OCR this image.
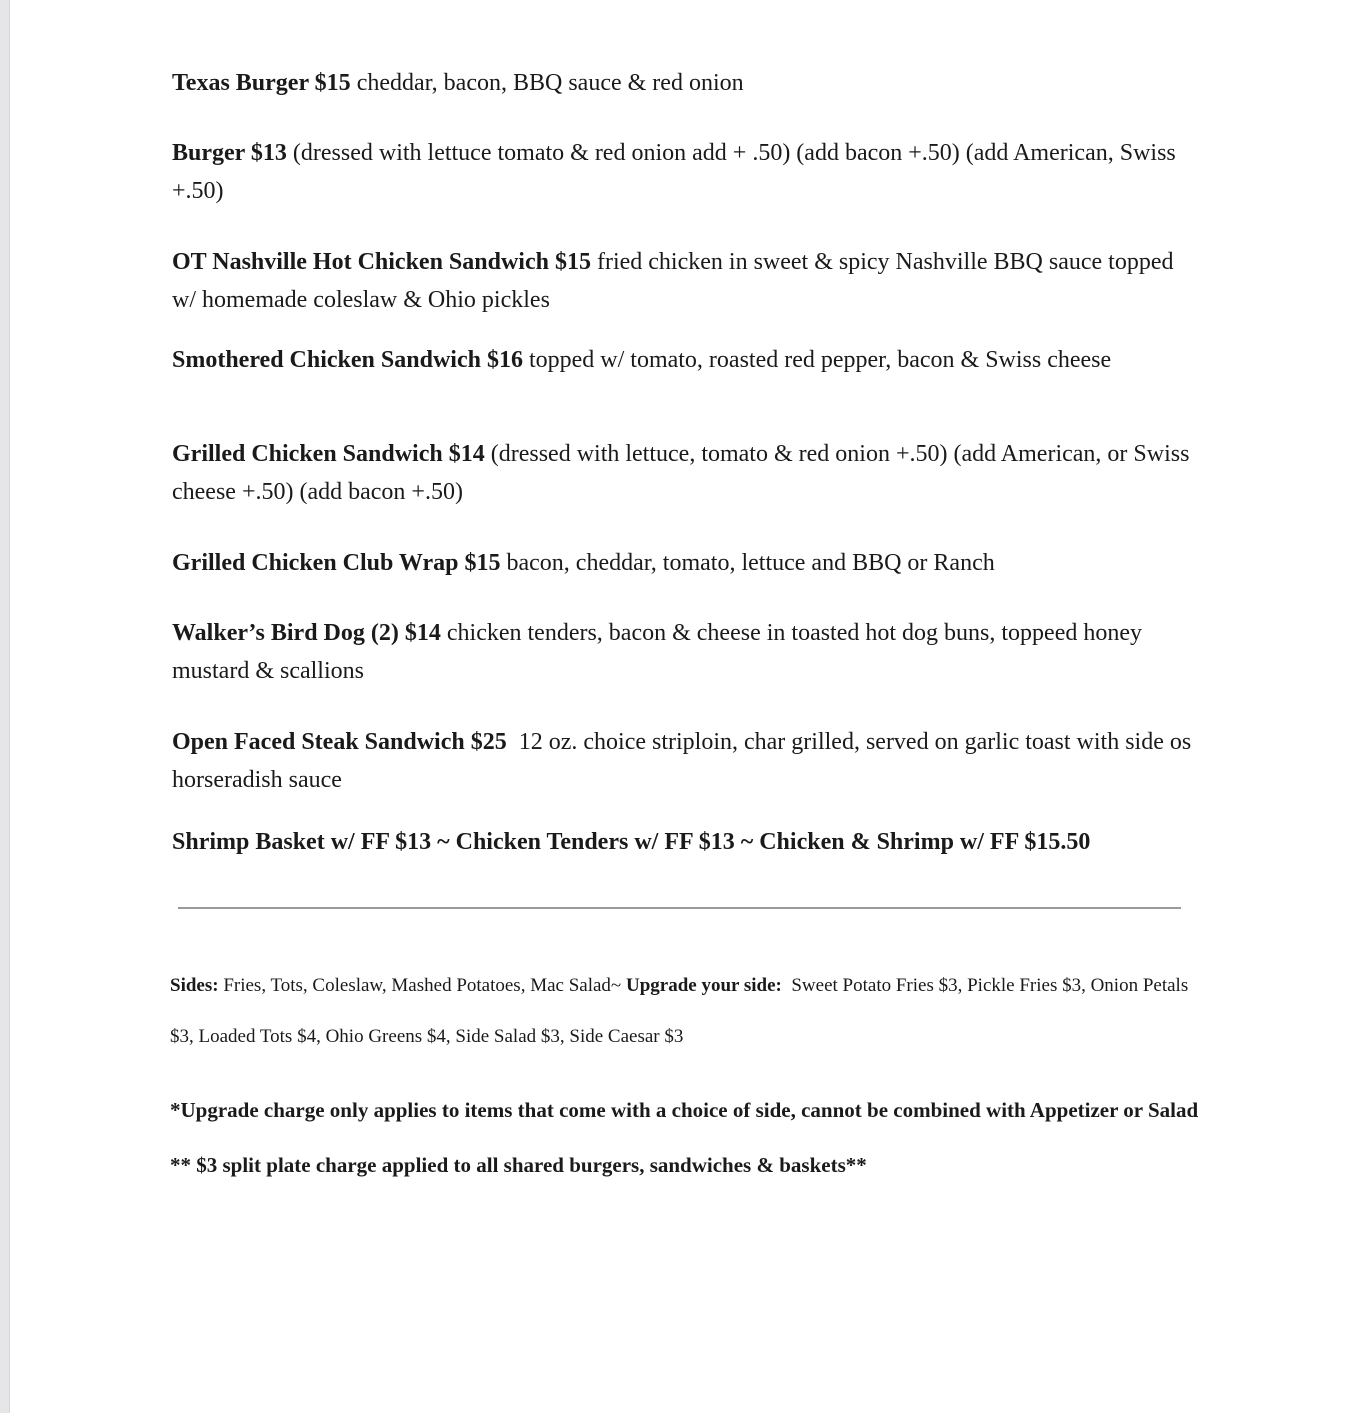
Texas Burger $15 cheddar, bacon, BBQ sauce & red onion

Burger $13 (dressed with lettuce tomato & red onion add + .50) (add bacon +.50) (add American, Swiss +.50)

OT Nashville Hot Chicken Sandwich $15 fried chicken in sweet & spicy Nashville BBQ sauce topped w/ homemade coleslaw & Ohio pickles

Smothered Chicken Sandwich $16 topped w/ tomato, roasted red pepper, bacon & Swiss cheese

Grilled Chicken Sandwich $14 (dressed with lettuce, tomato & red onion +.50) (add American, or Swiss cheese +.50) (add bacon +.50)

Grilled Chicken Club Wrap $15 bacon, cheddar, tomato, lettuce and BBQ or Ranch

Walker’s Bird Dog (2) $14 chicken tenders, bacon & cheese in toasted hot dog buns, toppeed honey mustard & scallions

Open Faced Steak Sandwich $25  12 oz. choice striploin, char grilled, served on garlic toast with side os horseradish sauce

Shrimp Basket w/ FF $13 ~ Chicken Tenders w/ FF $13 ~ Chicken & Shrimp w/ FF $15.50

Sides: Fries, Tots, Coleslaw, Mashed Potatoes, Mac Salad~ Upgrade your side: Sweet Potato Fries $3, Pickle Fries $3, Onion Petals $3, Loaded Tots $4, Ohio Greens $4, Side Salad $3, Side Caesar $3

*Upgrade charge only applies to items that come with a choice of side, cannot be combined with Appetizer or Salad ** $3 split plate charge applied to all shared burgers, sandwiches & baskets**
